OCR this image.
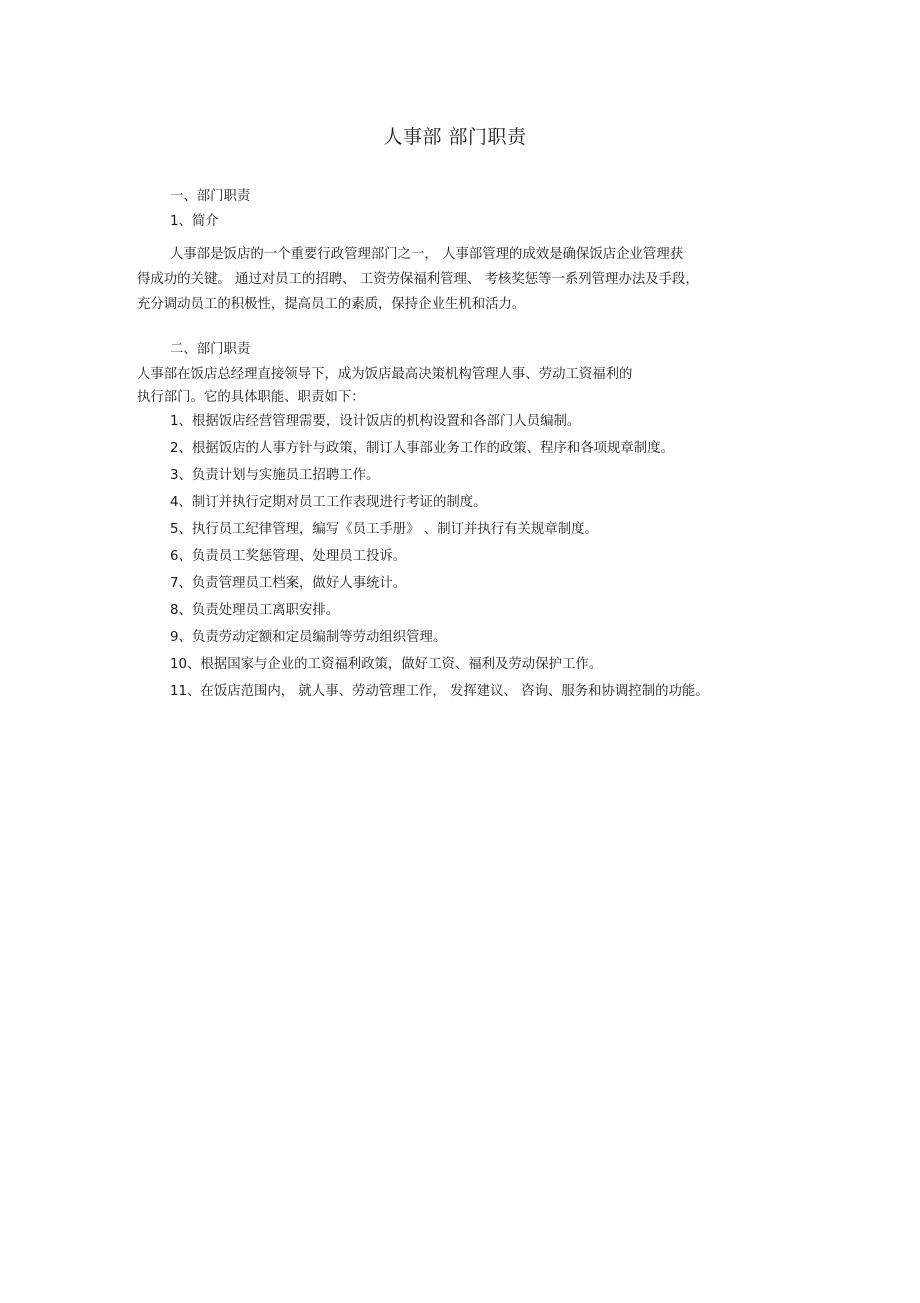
人事部 部门职责
一、部门职责
1、简介
人事部是饭店的一个重要行政管理部门之一， 人事部管理的成效是确保饭店企业管理获
得成功的关键。 通过对员工的招聘、 工资劳保福利管理、 考核奖惩等一系列管理办法及手段，
充分调动员工的积极性，提高员工的素质，保持企业生机和活力。
二、部门职责
人事部在饭店总经理直接领导下，成为饭店最高决策机构管理人事、劳动工资福利的
执行部门。它的具体职能、职责如下：
1、根据饭店经营管理需要，设计饭店的机构设置和各部门人员编制。
2、根据饭店的人事方针与政策，制订人事部业务工作的政策、程序和各项规章制度。
3、负责计划与实施员工招聘工作。
4、制订并执行定期对员工工作表现进行考证的制度。
5、执行员工纪律管理，编写《员工手册》 、制订并执行有关规章制度。
6、负责员工奖惩管理、处理员工投诉。
7、负责管理员工档案，做好人事统计。
8、负责处理员工离职安排。
9、负责劳动定额和定员编制等劳动组织管理。
10、根据国家与企业的工资福利政策，做好工资、福利及劳动保护工作。
11、在饭店范围内， 就人事、劳动管理工作， 发挥建议、 咨询、服务和协调控制的功能。
